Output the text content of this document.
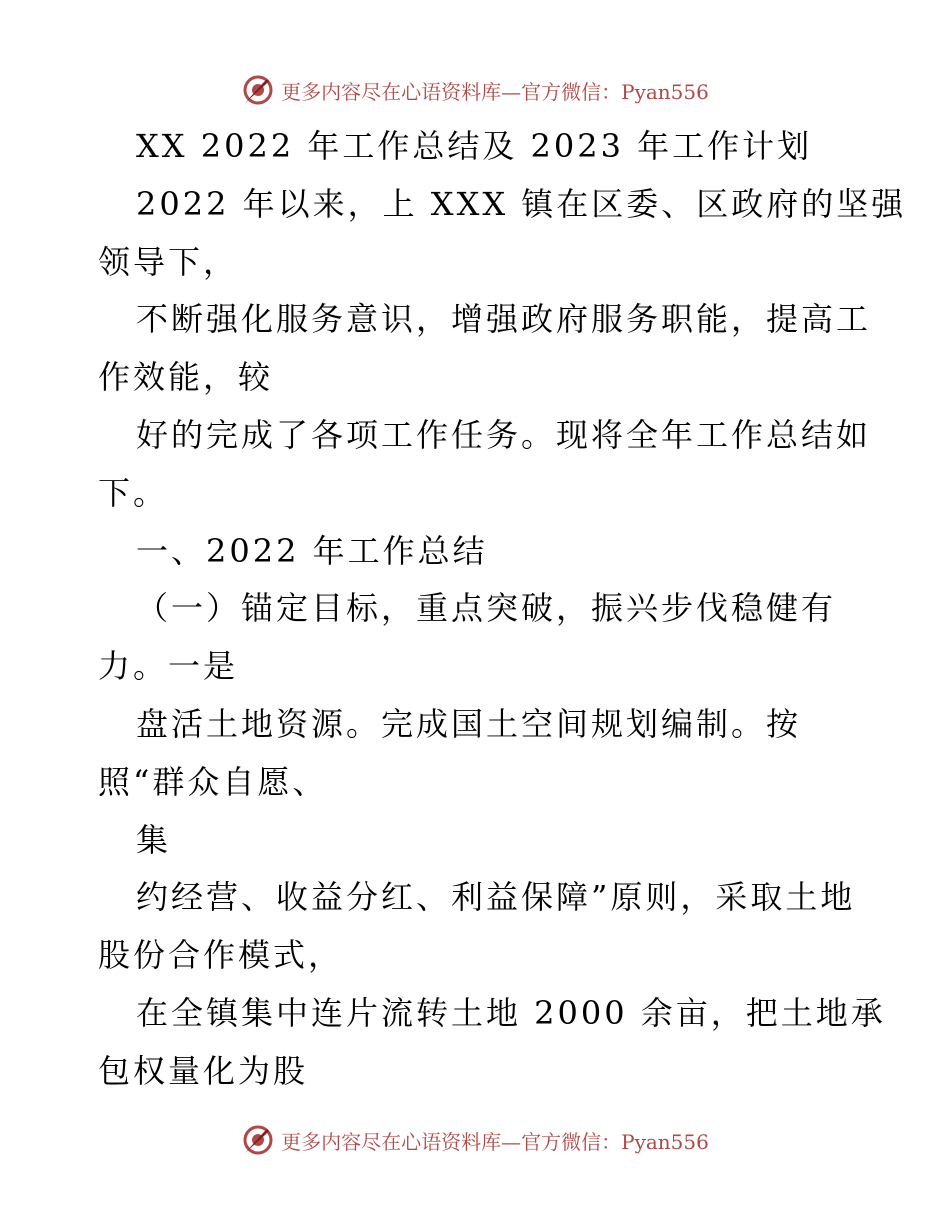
更多内容尽在心语资料库—官方微信：Pyan556
XX 2022 年工作总结及 2023 年工作计划
2022 年以来，上 XXX 镇在区委、区政府的坚强
领导下，
不断强化服务意识，增强政府服务职能，提高工
作效能，较
好的完成了各项工作任务。现将全年工作总结如
下。
一、2022 年工作总结
（一）锚定目标，重点突破，振兴步伐稳健有
力。一是
盘活土地资源。完成国土空间规划编制。按
照“群众自愿、
集
约经营、收益分红、利益保障”原则，采取土地
股份合作模式，
在全镇集中连片流转土地 2000 余亩，把土地承
包权量化为股
更多内容尽在心语资料库—官方微信：Pyan556
